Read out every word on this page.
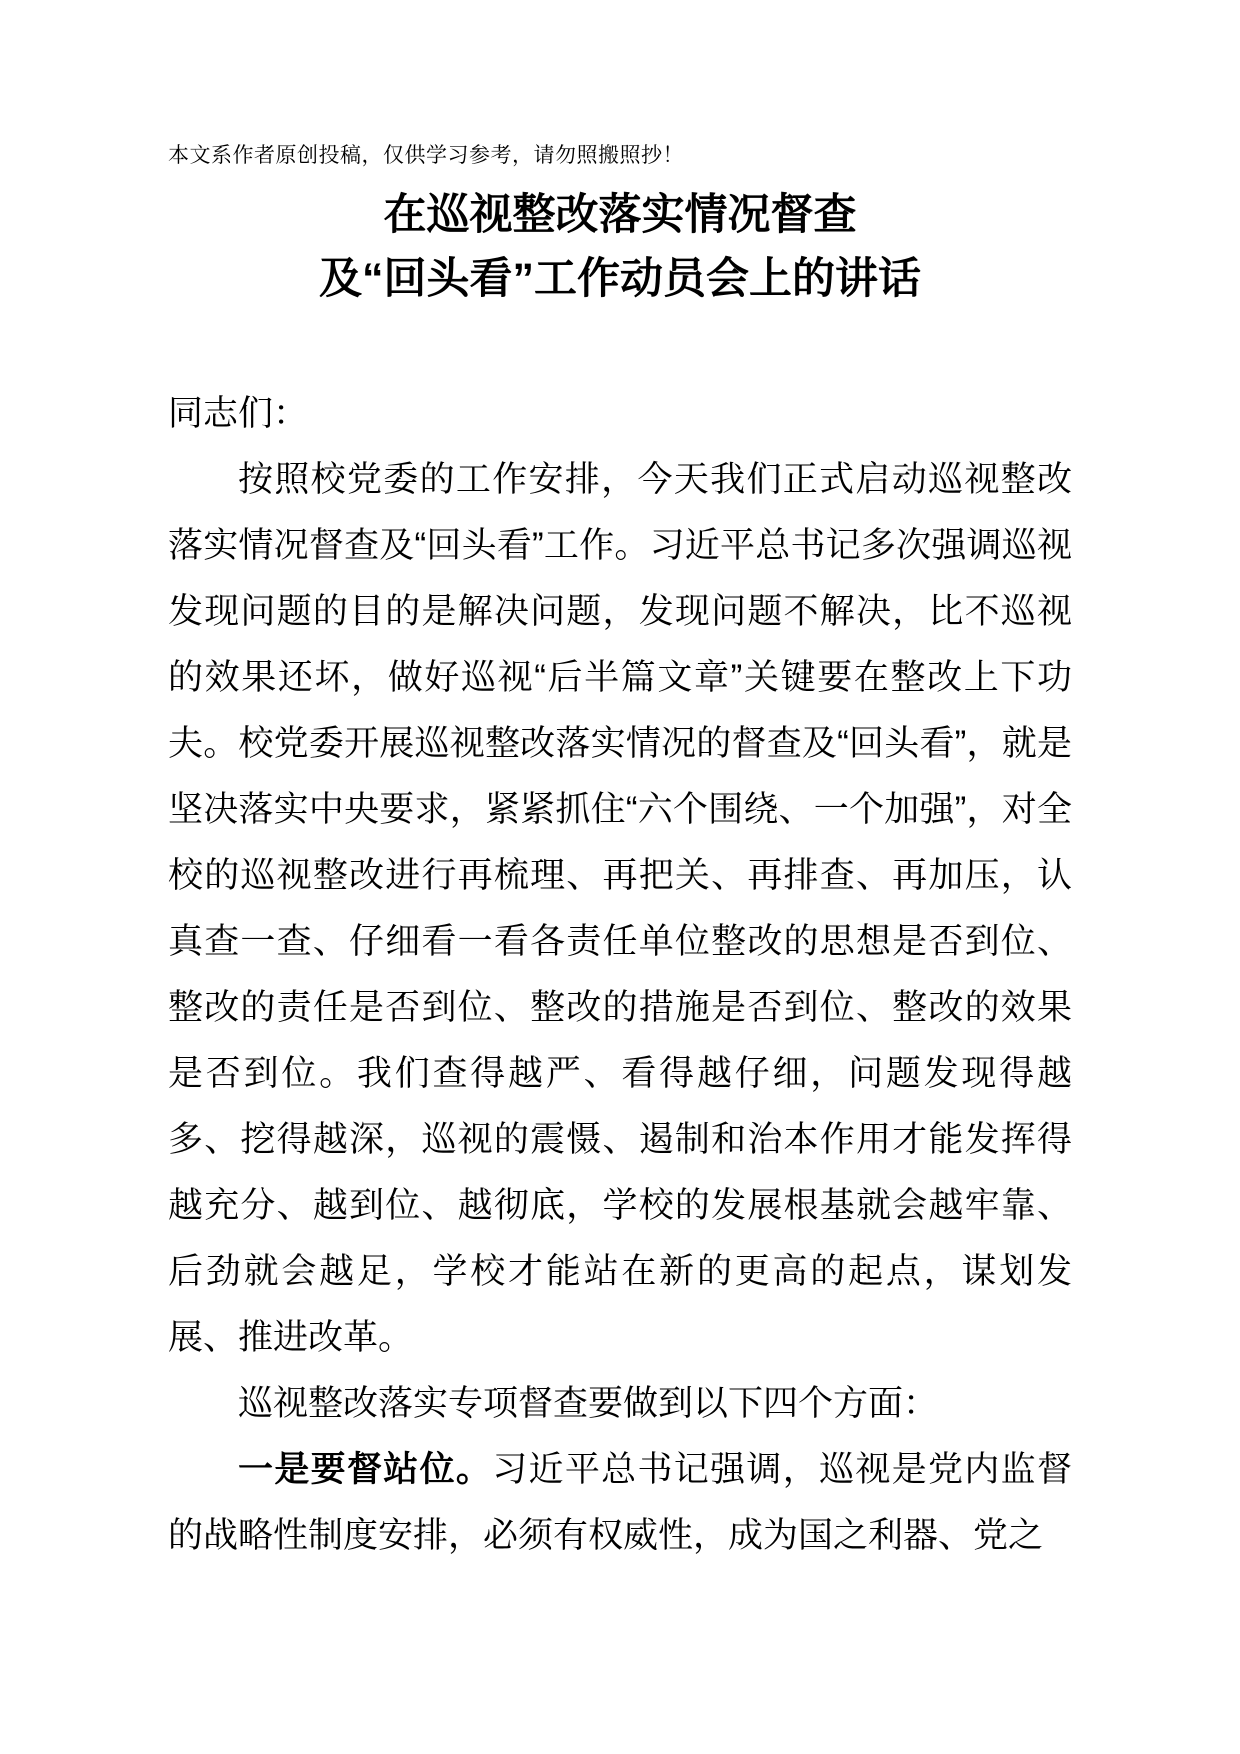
本文系作者原创投稿，仅供学习参考，请勿照搬照抄！
在巡视整改落实情况督查
及“回头看”工作动员会上的讲话

同志们：

按照校党委的工作安排，今天我们正式启动巡视整改落实情况督查及“回头看”工作。习近平总书记多次强调巡视发现问题的目的是解决问题，发现问题不解决，比不巡视的效果还坏，做好巡视“后半篇文章”关键要在整改上下功夫。校党委开展巡视整改落实情况的督查及“回头看”，就是坚决落实中央要求，紧紧抓住“六个围绕、一个加强”，对全校的巡视整改进行再梳理、再把关、再排查、再加压，认真查一查、仔细看一看各责任单位整改的思想是否到位、整改的责任是否到位、整改的措施是否到位、整改的效果是否到位。我们查得越严、看得越仔细，问题发现得越多、挖得越深，巡视的震慑、遏制和治本作用才能发挥得越充分、越到位、越彻底，学校的发展根基就会越牢靠、后劲就会越足，学校才能站在新的更高的起点，谋划发展、推进改革。

巡视整改落实专项督查要做到以下四个方面：

一是要督站位。习近平总书记强调，巡视是党内监督的战略性制度安排，必须有权威性，成为国之利器、党之
